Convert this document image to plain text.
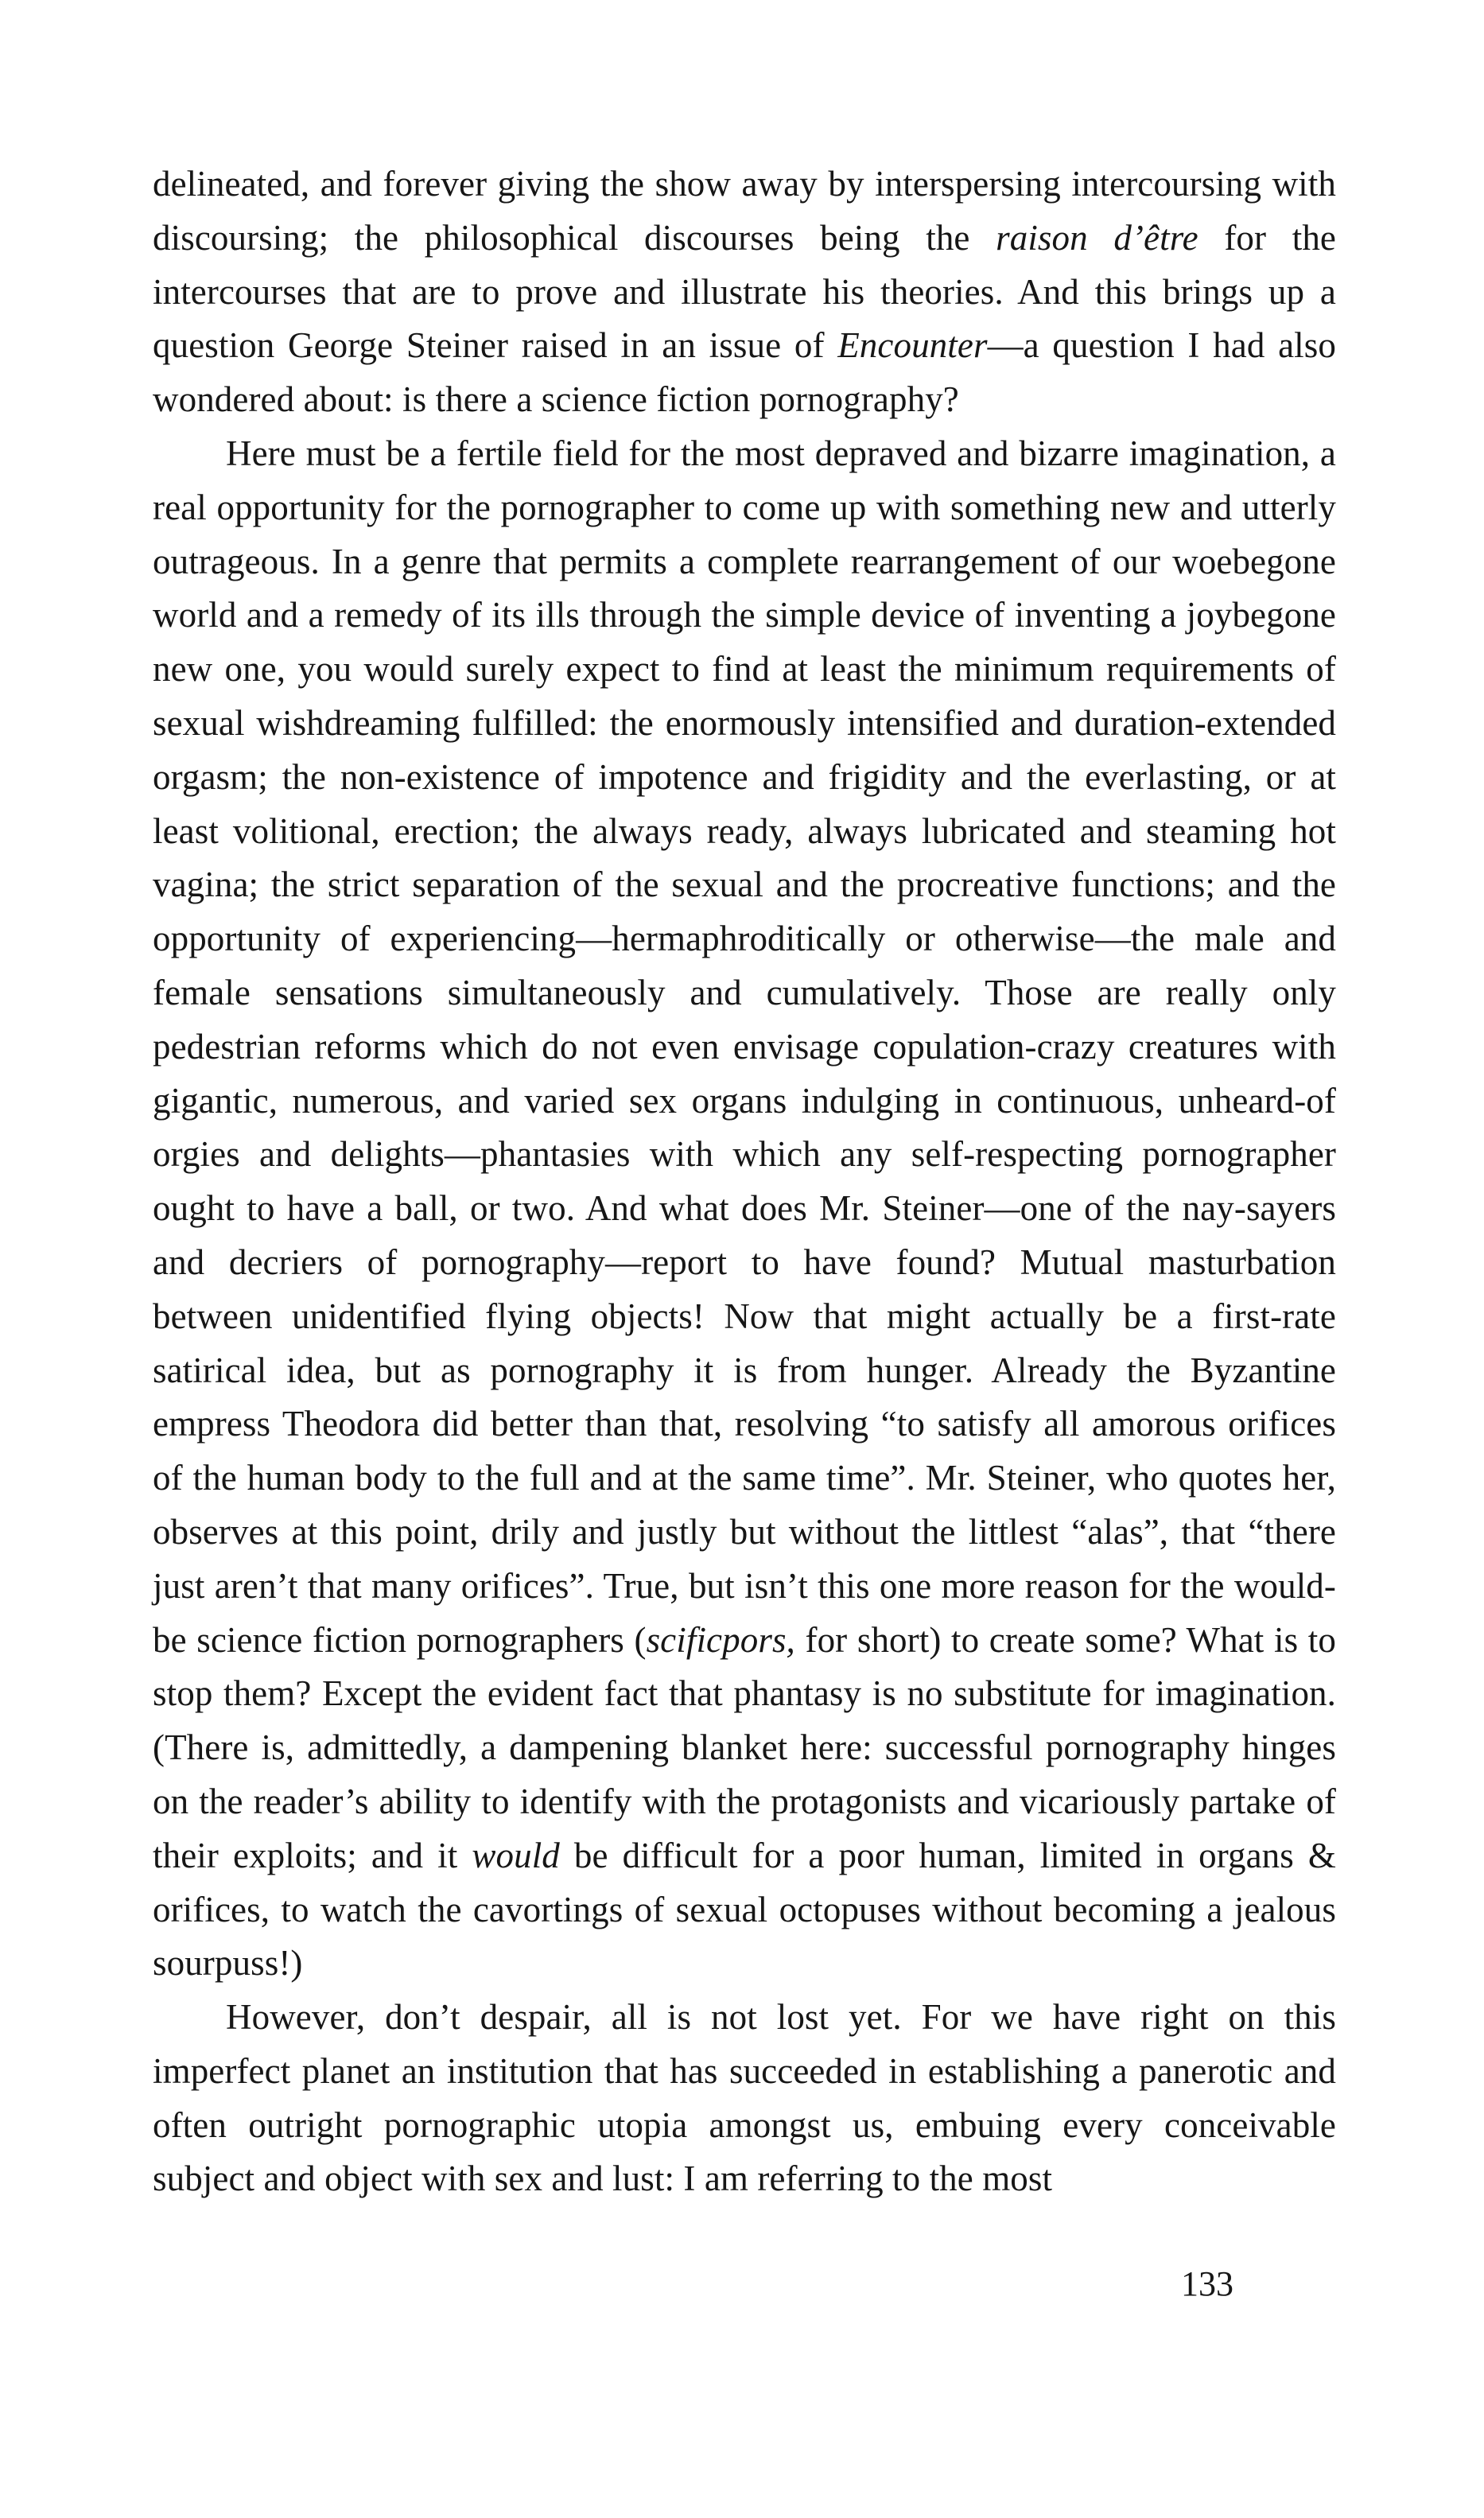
delineated, and forever giving the show away by interspersing intercoursing with discoursing; the philosophical discourses being the raison d’être for the intercourses that are to prove and illustrate his theories. And this brings up a question George Steiner raised in an issue of Encounter—a question I had also wondered about: is there a science fiction pornography?

Here must be a fertile field for the most depraved and bizarre imagination, a real opportunity for the pornographer to come up with something new and utterly outrageous. In a genre that permits a complete rearrangement of our woebegone world and a remedy of its ills through the simple device of inventing a joybegone new one, you would surely expect to find at least the minimum requirements of sexual wishdreaming fulfilled: the enormously intensified and duration-extended orgasm; the non-existence of impotence and frigidity and the everlasting, or at least volitional, erection; the always ready, always lubricated and steaming hot vagina; the strict separation of the sexual and the procreative functions; and the opportunity of experiencing—hermaphroditically or otherwise—the male and female sensations simultaneously and cumulatively. Those are really only pedestrian reforms which do not even envisage copulation-crazy creatures with gigantic, numerous, and varied sex organs indulging in continuous, unheard-of orgies and delights—phantasies with which any self-respecting pornographer ought to have a ball, or two. And what does Mr. Steiner—one of the nay-sayers and decriers of pornography—report to have found? Mutual masturbation between unidentified flying objects! Now that might actually be a first-rate satirical idea, but as pornography it is from hunger. Already the Byzantine empress Theodora did better than that, resolving “to satisfy all amorous orifices of the human body to the full and at the same time”. Mr. Steiner, who quotes her, observes at this point, drily and justly but without the littlest “alas”, that “there just aren’t that many orifices”. True, but isn’t this one more reason for the would-be science fiction pornographers (scificpors, for short) to create some? What is to stop them? Except the evident fact that phantasy is no substitute for imagination. (There is, admittedly, a dampening blanket here: successful pornography hinges on the reader’s ability to identify with the protagonists and vicariously partake of their exploits; and it would be difficult for a poor human, limited in organs & orifices, to watch the cavortings of sexual octopuses without becoming a jealous sourpuss!)

However, don’t despair, all is not lost yet. For we have right on this imperfect planet an institution that has succeeded in establishing a panerotic and often outright pornographic utopia amongst us, embuing every conceivable subject and object with sex and lust: I am referring to the most

133
